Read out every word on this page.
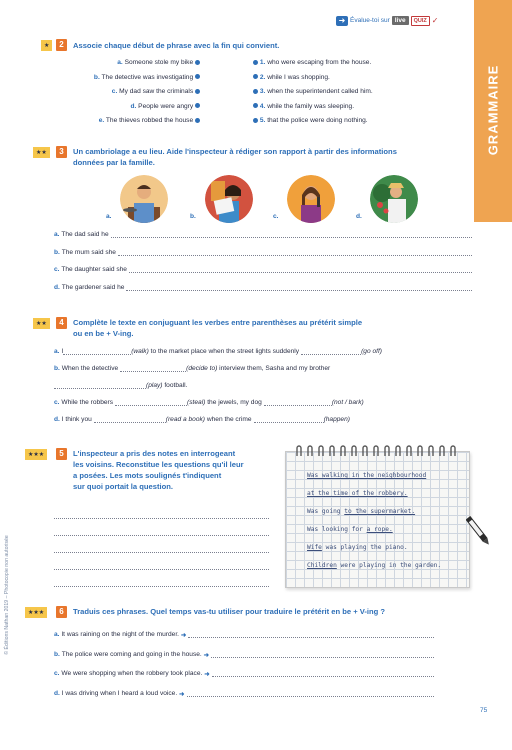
➜ Évalue-toi sur live	QUIZ ✓
GRAMMAIRE
★	2	Associe chaque début de phrase avec la fin qui convient.
a. Someone stole my bike
b. The detective was investigating
c. My dad saw the criminals
d. People were angry
e. The thieves robbed the house
1. who were escaping from the house.
2. while I was shopping.
3. when the superintendent called him.
4. while the family was sleeping.
5. that the police were doing nothing.
★★	3	Un cambriolage a eu lieu. Aide l'inspecteur à rédiger son rapport à partir des informations
données par la famille.
a.	b.	c.	d.
a.
The dad said he
b.
The mum said she
c.
The daughter said she
d.
The gardener said he
★★	4	Complète le texte en conjuguant les verbes entre parenthèses au prétérit simple
ou en be + V-ing.
a.
I	(walk)
to the market place when the street lights suddenly	(go off)
b.
When the detective	(decide to)
interview them, Sasha and my brother
(play)
football.
c.
While the robbers	(steal)
the jewels, my dog	(not / bark)
d.
I think you	(read a book)
when the crime	(happen)
★★★	5	L'inspecteur a pris des notes en interrogeant
les voisins. Reconstitue les questions qu'il leur
a posées. Les mots soulignés t'indiquent
sur quoi portait la question.
Was walking in the neighbourhood
at the time of the robbery.
Was going to the supermarket.
Was looking for a rope.
Wife was playing the piano.
Children were playing in the garden.
★★★	6	Traduis ces phrases. Quel temps vas-tu utiliser pour traduire le prétérit en be + V-ing ?
a.
It was raining on the night of the murder.
➜
b.
The police were coming and going in the house.
➜
c.
We were shopping when the robbery took place.
➜
d.
I was driving when I heard a loud voice.
➜
© Éditions Nathan 2019 – Photocopie non autorisée
75
